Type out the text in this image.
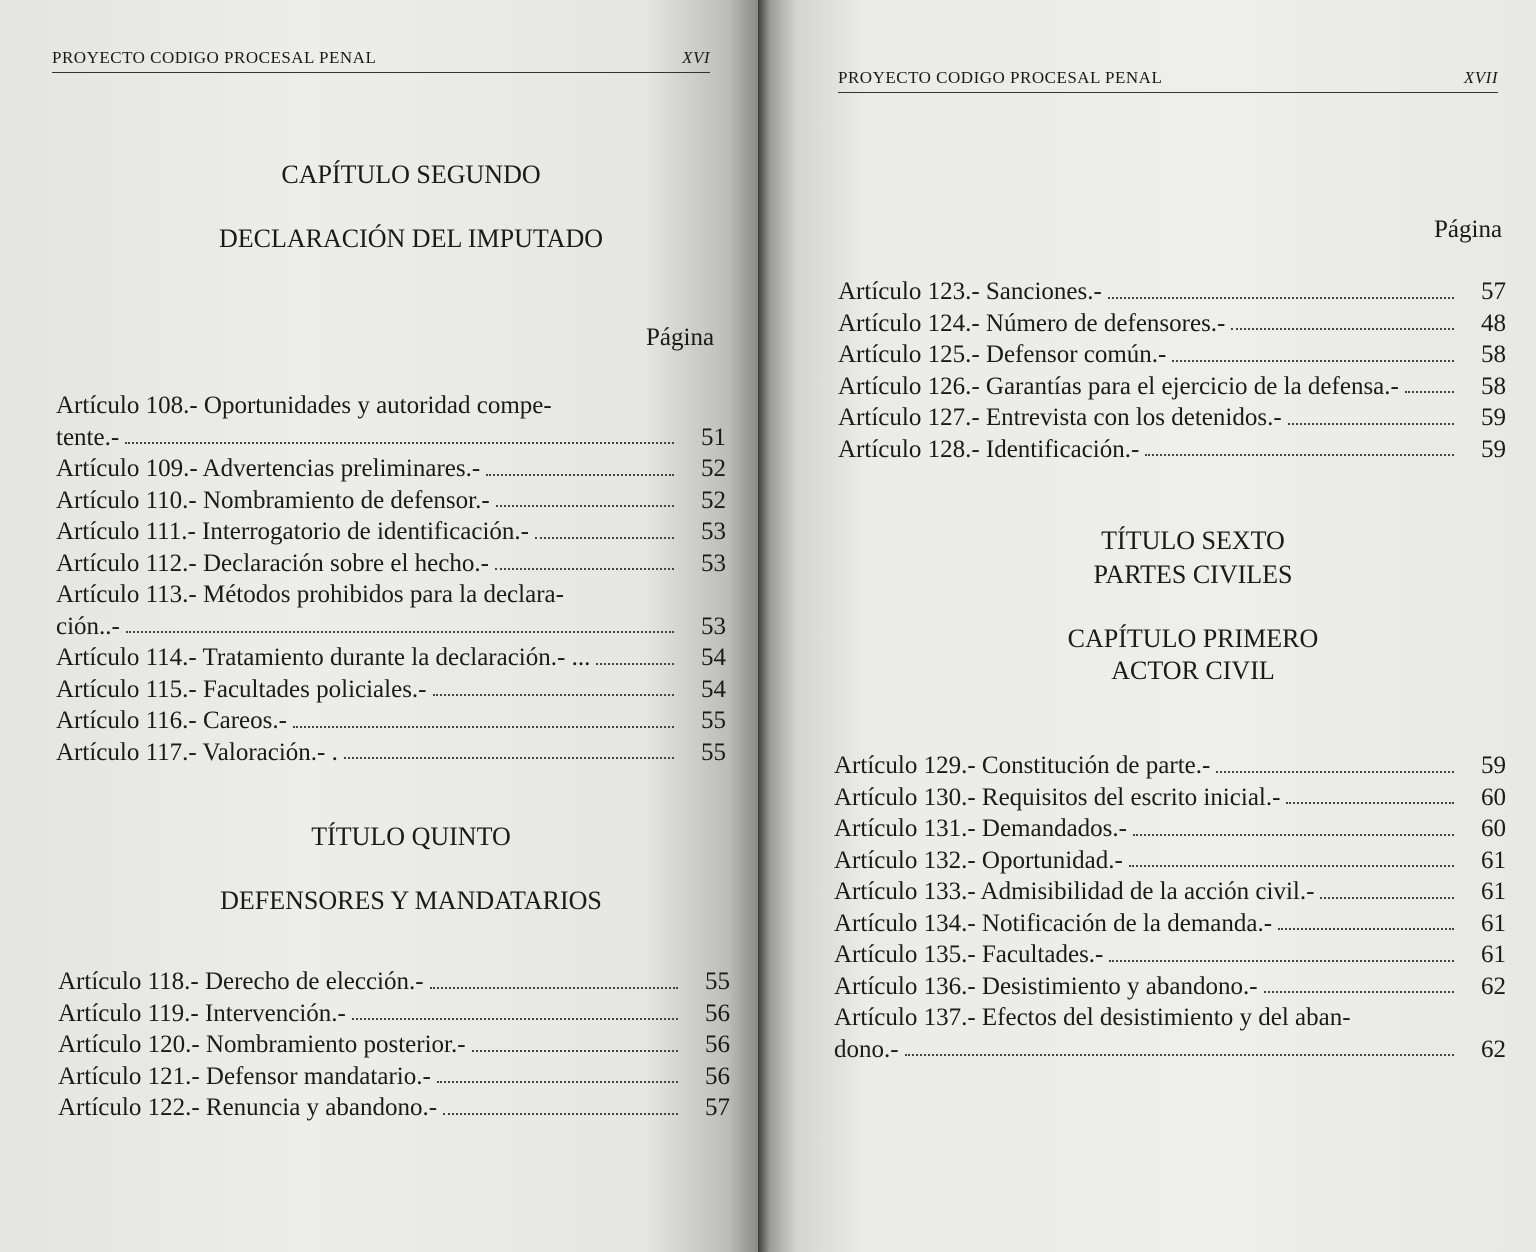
PROYECTO CODIGO PROCESAL PENAL	XVI
CAPÍTULO SEGUNDO
DECLARACIÓN DEL IMPUTADO
Página
Artículo 108.- Oportunidades y autoridad compe-
tente.-	51
Artículo 109.- Advertencias preliminares.-	52
Artículo 110.- Nombramiento de defensor.-	52
Artículo 111.- Interrogatorio de identificación.-	53
Artículo 112.- Declaración sobre el hecho.-	53
Artículo 113.- Métodos prohibidos para la declara-
ción..-	53
Artículo 114.- Tratamiento durante la declaración.- ...	54
Artículo 115.- Facultades policiales.-	54
Artículo 116.- Careos.-	55
Artículo 117.- Valoración.- .	55
TÍTULO QUINTO
DEFENSORES Y MANDATARIOS
Artículo 118.- Derecho de elección.-	55
Artículo 119.- Intervención.-	56
Artículo 120.- Nombramiento posterior.-	56
Artículo 121.- Defensor mandatario.-	56
Artículo 122.- Renuncia y abandono.-	57
PROYECTO CODIGO PROCESAL PENAL	XVII
Página
Artículo 123.- Sanciones.-	57
Artículo 124.- Número de defensores.-	48
Artículo 125.- Defensor común.-	58
Artículo 126.- Garantías para el ejercicio de la defensa.-	58
Artículo 127.- Entrevista con los detenidos.-	59
Artículo 128.- Identificación.-	59
TÍTULO SEXTO
PARTES CIVILES
CAPÍTULO PRIMERO
ACTOR CIVIL
Artículo 129.- Constitución de parte.-	59
Artículo 130.- Requisitos del escrito inicial.-	60
Artículo 131.- Demandados.-	60
Artículo 132.- Oportunidad.-	61
Artículo 133.- Admisibilidad de la acción civil.-	61
Artículo 134.- Notificación de la demanda.-	61
Artículo 135.- Facultades.-	61
Artículo 136.- Desistimiento y abandono.-	62
Artículo 137.- Efectos del desistimiento y del aban-
dono.-	62
